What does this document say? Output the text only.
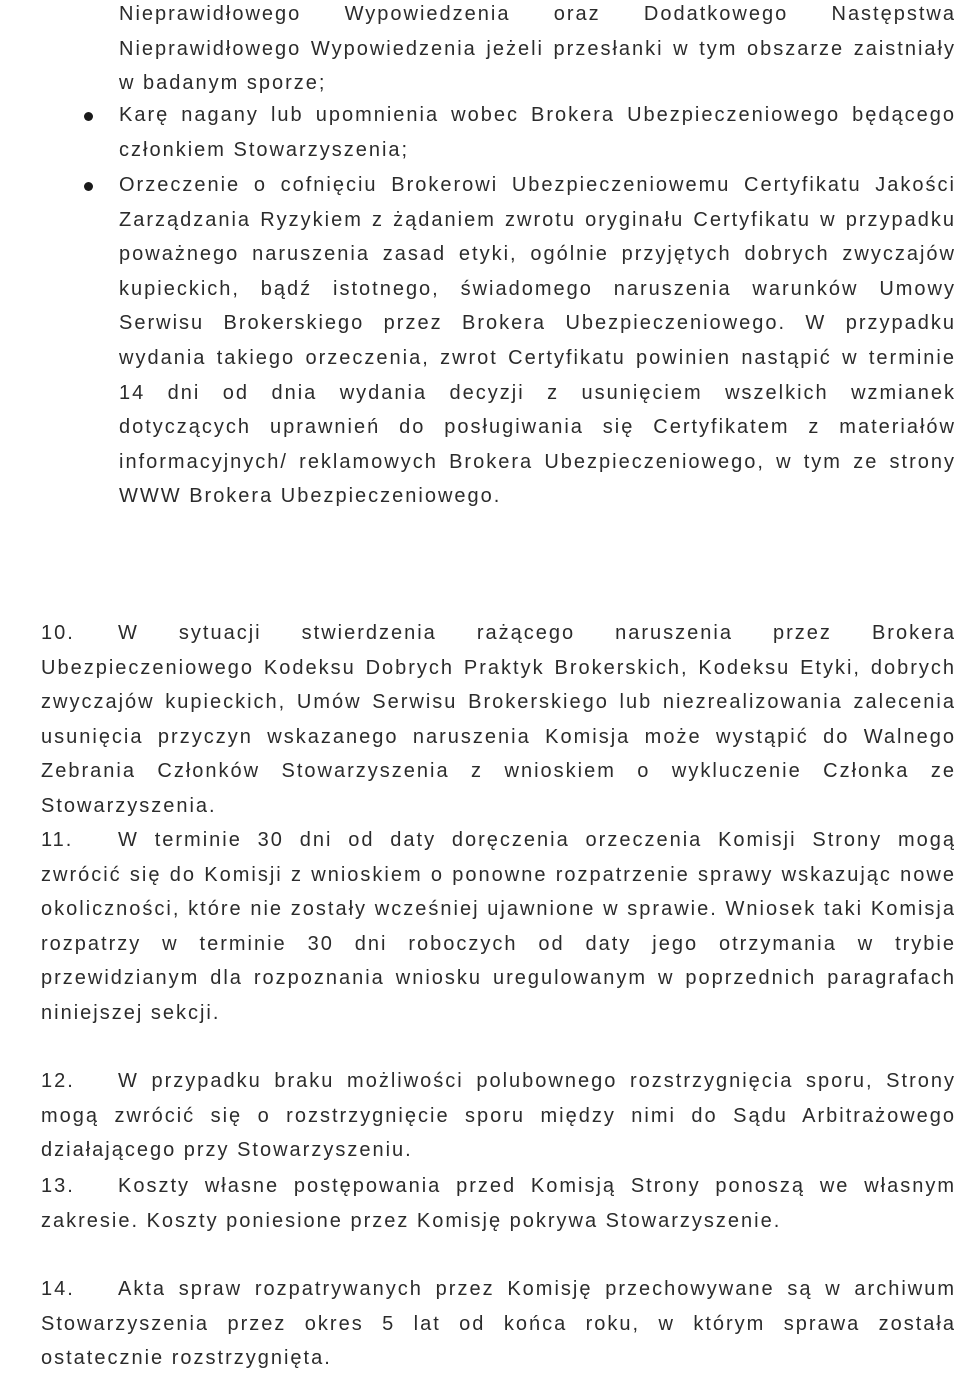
Nieprawidłowego Wypowiedzenia oraz Dodatkowego Następstwa Nieprawidłowego Wypowiedzenia jeżeli przesłanki w tym obszarze zaistniały w badanym sporze;
Karę nagany lub upomnienia wobec Brokera Ubezpieczeniowego będącego członkiem Stowarzyszenia;
Orzeczenie o cofnięciu Brokerowi Ubezpieczeniowemu Certyfikatu Jakości Zarządzania Ryzykiem z żądaniem zwrotu oryginału Certyfikatu w przypadku poważnego naruszenia zasad etyki, ogólnie przyjętych dobrych zwyczajów kupieckich, bądź istotnego, świadomego naruszenia warunków Umowy Serwisu Brokerskiego przez Brokera Ubezpieczeniowego. W przypadku wydania takiego orzeczenia, zwrot Certyfikatu powinien nastąpić w terminie 14 dni od dnia wydania decyzji z usunięciem wszelkich wzmianek dotyczących uprawnień do posługiwania się Certyfikatem z materiałów informacyjnych/ reklamowych Brokera Ubezpieczeniowego, w tym ze strony WWW Brokera Ubezpieczeniowego.
10.	W sytuacji stwierdzenia rażącego naruszenia przez Brokera Ubezpieczeniowego Kodeksu Dobrych Praktyk Brokerskich, Kodeksu Etyki, dobrych zwyczajów kupieckich, Umów Serwisu Brokerskiego lub niezrealizowania zalecenia usunięcia przyczyn wskazanego naruszenia Komisja może wystąpić do Walnego Zebrania Członków Stowarzyszenia z wnioskiem o wykluczenie Członka ze Stowarzyszenia.
11.	W terminie 30 dni od daty doręczenia orzeczenia Komisji Strony mogą zwrócić się do Komisji z wnioskiem o ponowne rozpatrzenie sprawy wskazując nowe okoliczności, które nie zostały wcześniej ujawnione w sprawie. Wniosek taki Komisja rozpatrzy w terminie 30 dni roboczych od daty jego otrzymania w trybie przewidzianym dla rozpoznania wniosku uregulowanym w poprzednich paragrafach niniejszej sekcji.
12.	W przypadku braku możliwości polubownego rozstrzygnięcia sporu, Strony mogą zwrócić się o rozstrzygnięcie sporu między nimi do Sądu Arbitrażowego działającego przy Stowarzyszeniu.
13.	Koszty własne postępowania przed Komisją Strony ponoszą we własnym zakresie. Koszty poniesione przez Komisję pokrywa Stowarzyszenie.
14.	Akta spraw rozpatrywanych przez Komisję przechowywane są w archiwum Stowarzyszenia przez okres 5 lat od końca roku, w którym sprawa została ostatecznie rozstrzygnięta.
